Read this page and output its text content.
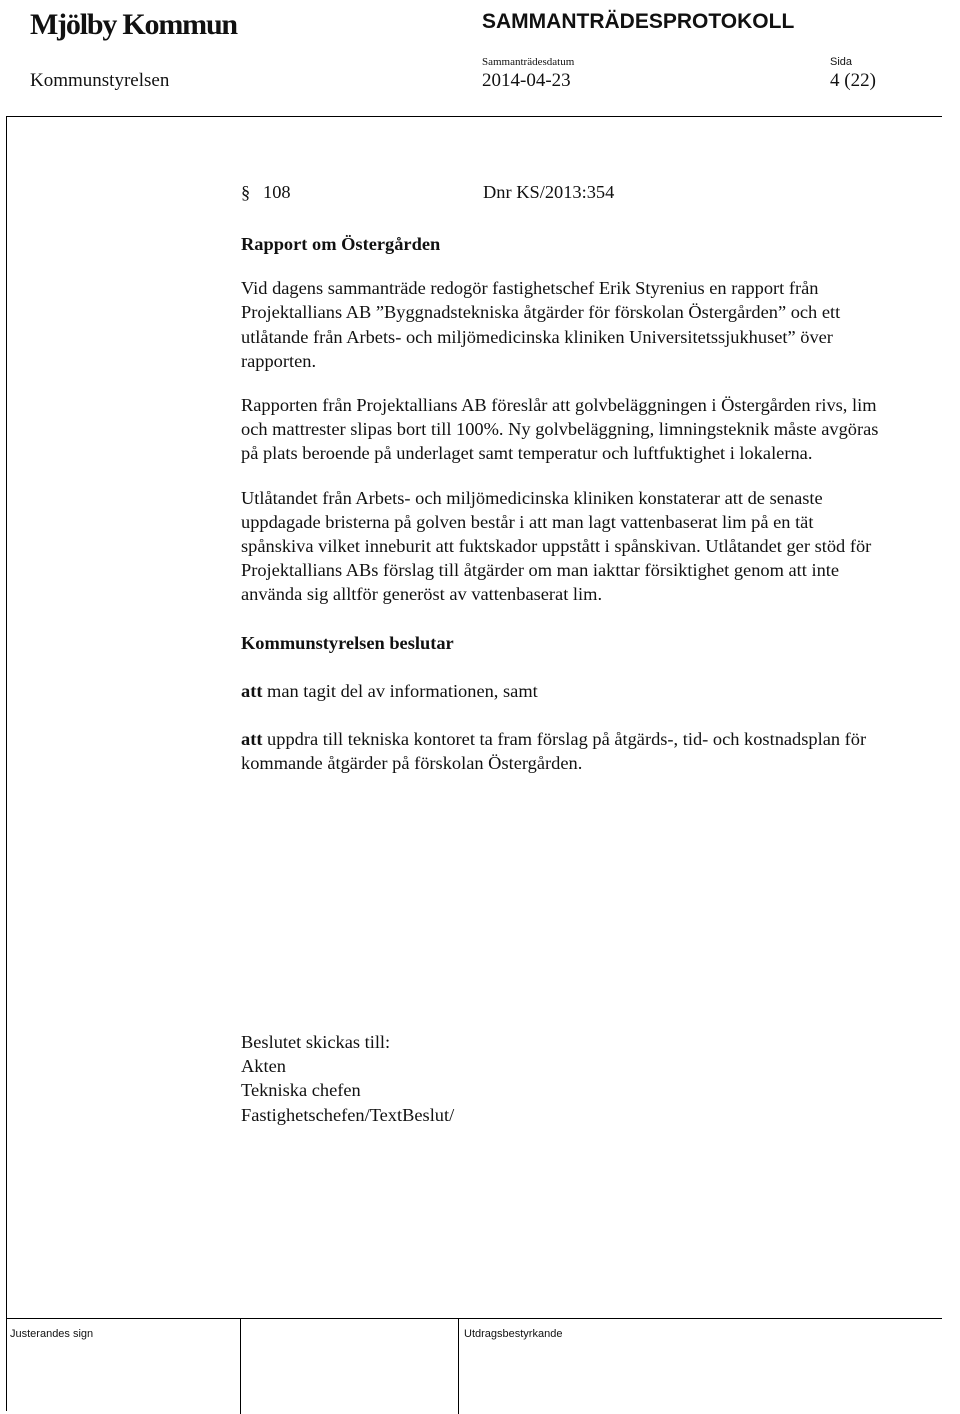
Mjölby Kommun	SAMMANTRÄDESPROTOKOLL
Sammanträdesdatum	Sida
Kommunstyrelsen	2014-04-23	4 (22)
§ 108	Dnr KS/2013:354

Rapport om Östergården

Vid dagens sammanträde redogör fastighetschef Erik Styrenius en rapport från Projektallians AB ”Byggnadstekniska åtgärder för förskolan Östergården” och ett utlåtande från Arbets- och miljömedicinska kliniken Universitetssjukhuset” över rapporten.

Rapporten från Projektallians AB föreslår att golvbeläggningen i Östergården rivs, lim och mattrester slipas bort till 100%. Ny golvbeläggning, limningsteknik måste avgöras på plats beroende på underlaget samt temperatur och luftfuktighet i lokalerna.

Utlåtandet från Arbets- och miljömedicinska kliniken konstaterar att de senaste uppdagade bristerna på golven består i att man lagt vattenbaserat lim på en tät spånskiva vilket inneburit att fuktskador uppstått i spånskivan. Utlåtandet ger stöd för Projektallians ABs förslag till åtgärder om man iakttar försiktighet genom att inte använda sig alltför generöst av vattenbaserat lim.

Kommunstyrelsen beslutar

att man tagit del av informationen, samt

att uppdra till tekniska kontoret ta fram förslag på åtgärds-, tid- och kostnadsplan för kommande åtgärder på förskolan Östergården.

Beslutet skickas till:
Akten
Tekniska chefen
Fastighetschefen/TextBeslut/
Justerandes sign	Utdragsbestyrkande
